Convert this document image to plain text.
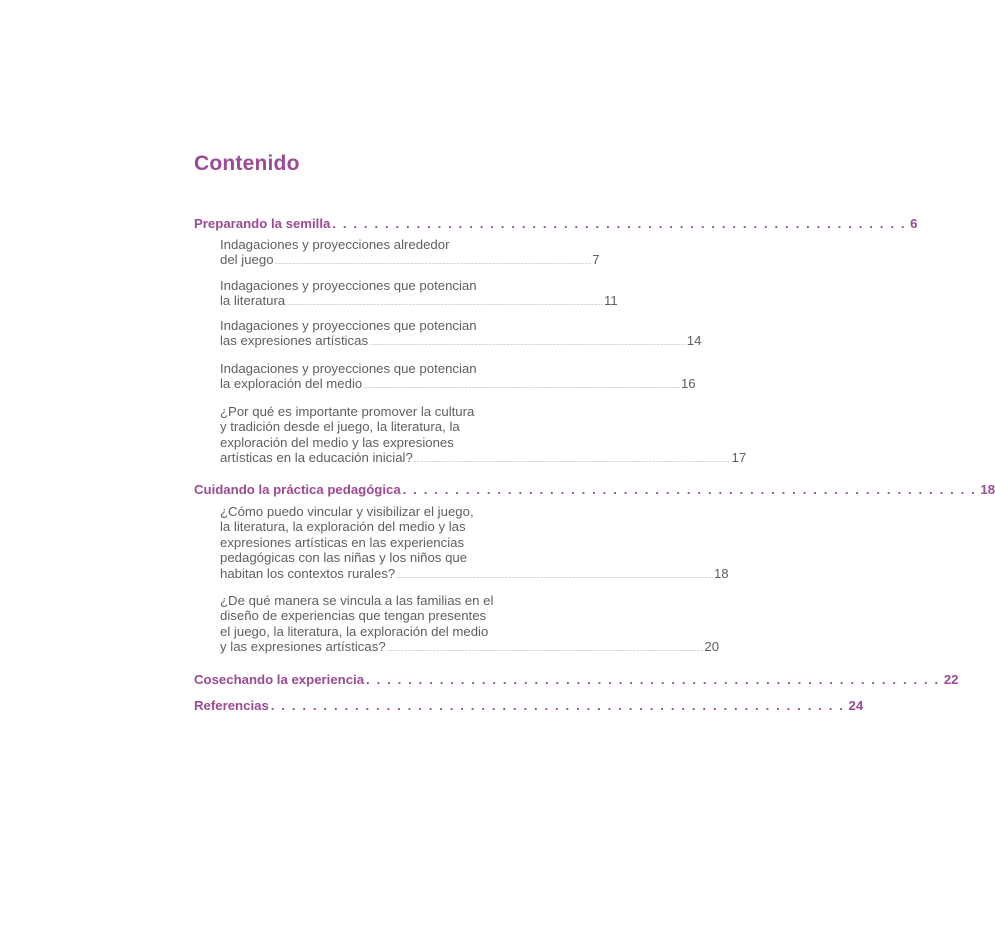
Contenido
Preparando la semilla . . . . . . . . . . . . . . . . . . . . . . . . . . . . . . . . . . . . . . . . . . . . . . . . . . . . . . . 6
Indagaciones y proyecciones alrededor
del juego .................................................................................................................................................................................................................................... 7
Indagaciones y proyecciones que potencian
la literatura .................................................................................................................................................................................................................................... 11
Indagaciones y proyecciones que potencian
las expresiones artísticas .................................................................................................................................................................................................................................... 14
Indagaciones y proyecciones que potencian
la exploración del medio .................................................................................................................................................................................................................................... 16
¿Por qué es importante promover la cultura
y tradición desde el juego, la literatura, la
exploración del medio y las expresiones
artísticas en la educación inicial? .................................................................................................................................................................................................................................... 17
Cuidando la práctica pedagógica . . . . . . . . . . . . . . . . . . . . . . . . . . . . . . . . . . . . . . . . . . . . . . . . . . . . . . . 18
¿Cómo puedo vincular y visibilizar el juego,
la literatura, la exploración del medio y las
expresiones artísticas en las experiencias
pedagógicas con las niñas y los niños que
habitan los contextos rurales? .................................................................................................................................................................................................................................... 18
¿De qué manera se vincula a las familias en el
diseño de experiencias que tengan presentes
el juego, la literatura, la exploración del medio
y las expresiones artísticas? .................................................................................................................................................................................................................................... 20
Cosechando la experiencia . . . . . . . . . . . . . . . . . . . . . . . . . . . . . . . . . . . . . . . . . . . . . . . . . . . . . . . 22
Referencias . . . . . . . . . . . . . . . . . . . . . . . . . . . . . . . . . . . . . . . . . . . . . . . . . . . . . . . 24
